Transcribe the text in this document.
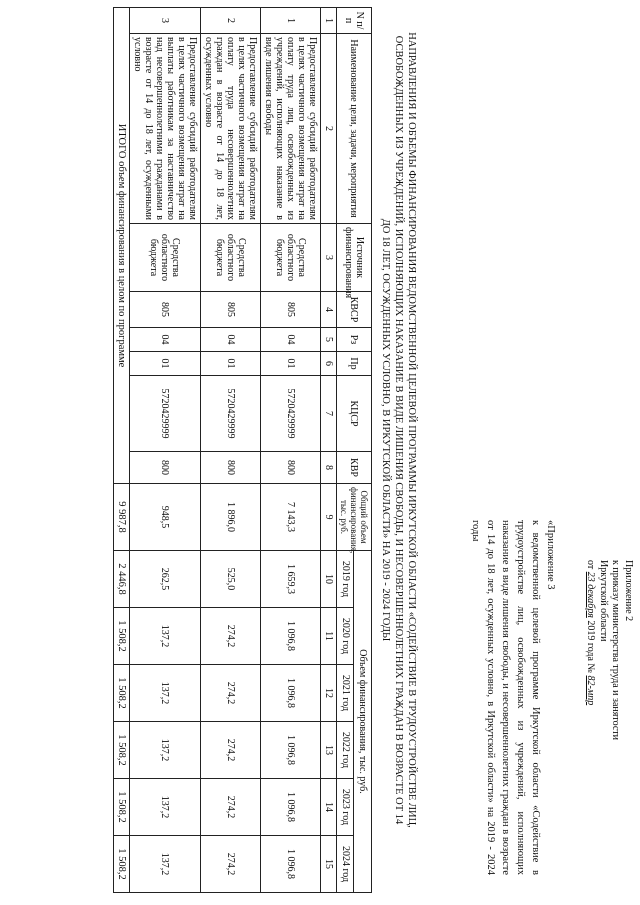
Приложение 2
к приказу министерства труда и занятости
Иркутской области
от 23 декабря 2019 года № 82-мпр
«Приложение 3
к ведомственной целевой программе Иркутской области «Содействие в трудоустройстве лиц, освобожденных из учреждений, исполняющих наказание в виде лишения свободы, и несовершеннолетних граждан в возрасте от 14 до 18 лет, осужденных условно, в Иркутской области» на 2019 - 2024 годы
НАПРАВЛЕНИЯ И ОБЪЕМЫ ФИНАНСИРОВАНИЯ ВЕДОМСТВЕННОЙ ЦЕЛЕВОЙ ПРОГРАММЫ ИРКУТСКОЙ ОБЛАСТИ «СОДЕЙСТВИЕ В ТРУДОУСТРОЙСТВЕ ЛИЦ, ОСВОБОЖДЕННЫХ ИЗ УЧРЕЖДЕНИЙ, ИСПОЛНЯЮЩИХ НАКАЗАНИЕ В ВИДЕ ЛИШЕНИЯ СВОБОДЫ, И НЕСОВЕРШЕННОЛЕТНИХ ГРАЖДАН В ВОЗРАСТЕ ОТ 14 ДО 18 ЛЕТ, ОСУЖДЕННЫХ УСЛОВНО, В ИРКУТСКОЙ ОБЛАСТИ» НА 2019 - 2024 ГОДЫ
N п/п	Наименование цели, задачи, мероприятия	Источник финансирования	КВСР	Рз	Пр	КЦСР	КВР	Общий объем финансирования, тыс. руб.	Объем финансирования, тыс. руб.					
									2019 год	2020 год	2021 год	2022 год	2023 год	2024 год
1	2	3	4	5	6	7	8	9	10	11	12	13	14	15
1	Предоставление субсидий работодателям в целях частичного возмещения затрат на оплату труда лиц, освобожденных из учреждений, исполняющих наказание в виде лишения свободы	Средства областного бюджета	805	04	01	5720429999	800	7 143,3	1 659,3	1 096,8	1 096,8	1 096,8	1 096,8	1 096,8
2	Предоставление субсидий работодателям в целях частичного возмещения затрат на оплату труда несовершеннолетних граждан в возрасте от 14 до 18 лет, осужденных условно	Средства областного бюджета	805	04	01	5720429999	800	1 896,0	525,0	274,2	274,2	274,2	274,2	274,2
3	Предоставление субсидий работодателям в целях частичного возмещения затрат на выплаты работникам за наставничество над несовершеннолетними гражданами в возрасте от 14 до 18 лет, осужденными условно	Средства областного бюджета	805	04	01	5720429999	800	948,5	262,5	137,2	137,2	137,2	137,2	137,2
ИТОГО объем финансирования в целом по программе								9 987,8	2 446,8	1 508,2	1 508,2	1 508,2	1 508,2	1 508,2
